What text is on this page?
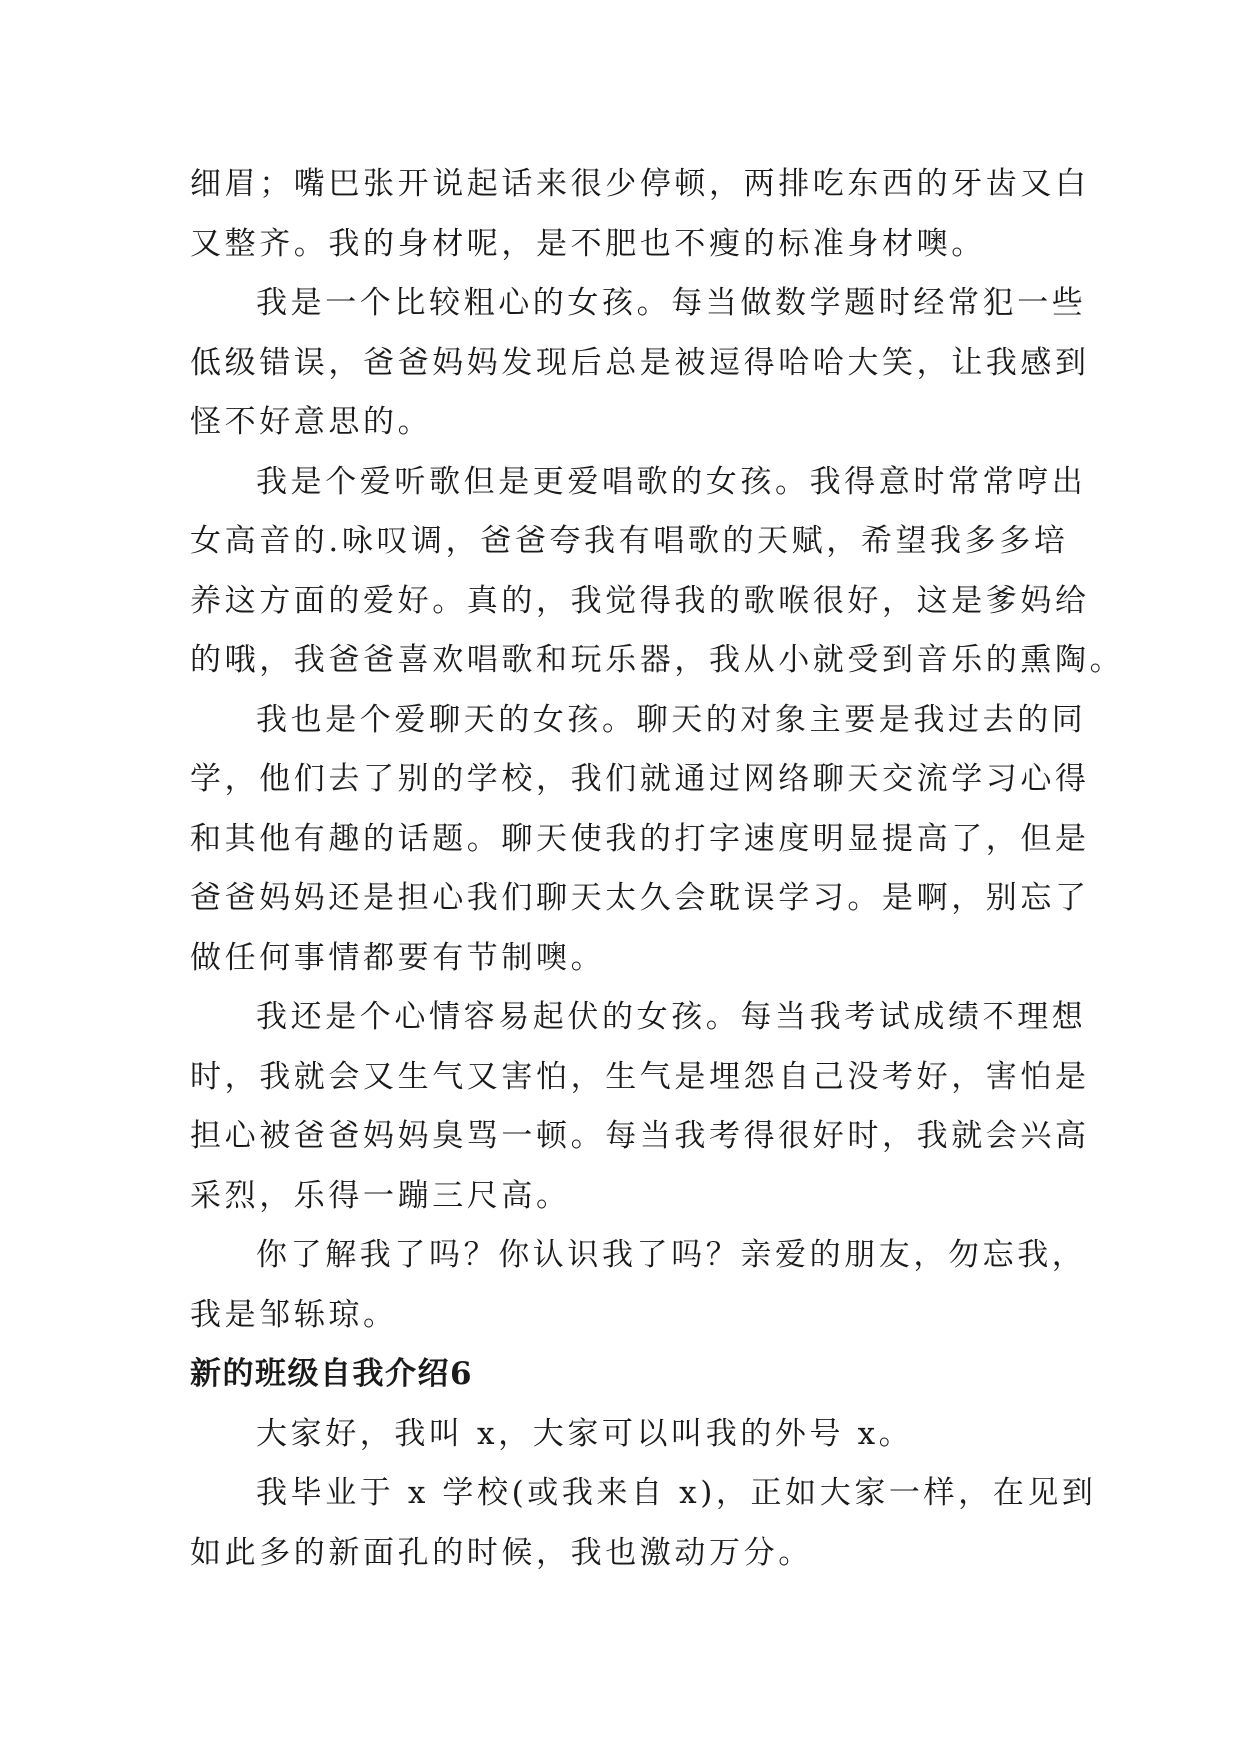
细眉；嘴巴张开说起话来很少停顿，两排吃东西的牙齿又白
又整齐。我的身材呢，是不肥也不瘦的标准身材噢。

我是一个比较粗心的女孩。每当做数学题时经常犯一些
低级错误，爸爸妈妈发现后总是被逗得哈哈大笑，让我感到
怪不好意思的。

我是个爱听歌但是更爱唱歌的女孩。我得意时常常哼出
女高音的.咏叹调，爸爸夸我有唱歌的天赋，希望我多多培
养这方面的爱好。真的，我觉得我的歌喉很好，这是爹妈给
的哦，我爸爸喜欢唱歌和玩乐器，我从小就受到音乐的熏陶。

我也是个爱聊天的女孩。聊天的对象主要是我过去的同
学，他们去了别的学校，我们就通过网络聊天交流学习心得
和其他有趣的话题。聊天使我的打字速度明显提高了，但是
爸爸妈妈还是担心我们聊天太久会耽误学习。是啊，别忘了
做任何事情都要有节制噢。

我还是个心情容易起伏的女孩。每当我考试成绩不理想
时，我就会又生气又害怕，生气是埋怨自己没考好，害怕是
担心被爸爸妈妈臭骂一顿。每当我考得很好时，我就会兴高
采烈，乐得一蹦三尺高。

你了解我了吗？你认识我了吗？亲爱的朋友，勿忘我，
我是邹轹琼。

新的班级自我介绍6

大家好，我叫 x，大家可以叫我的外号 x。

我毕业于 x 学校(或我来自 x)，正如大家一样，在见到
如此多的新面孔的时候，我也激动万分。
